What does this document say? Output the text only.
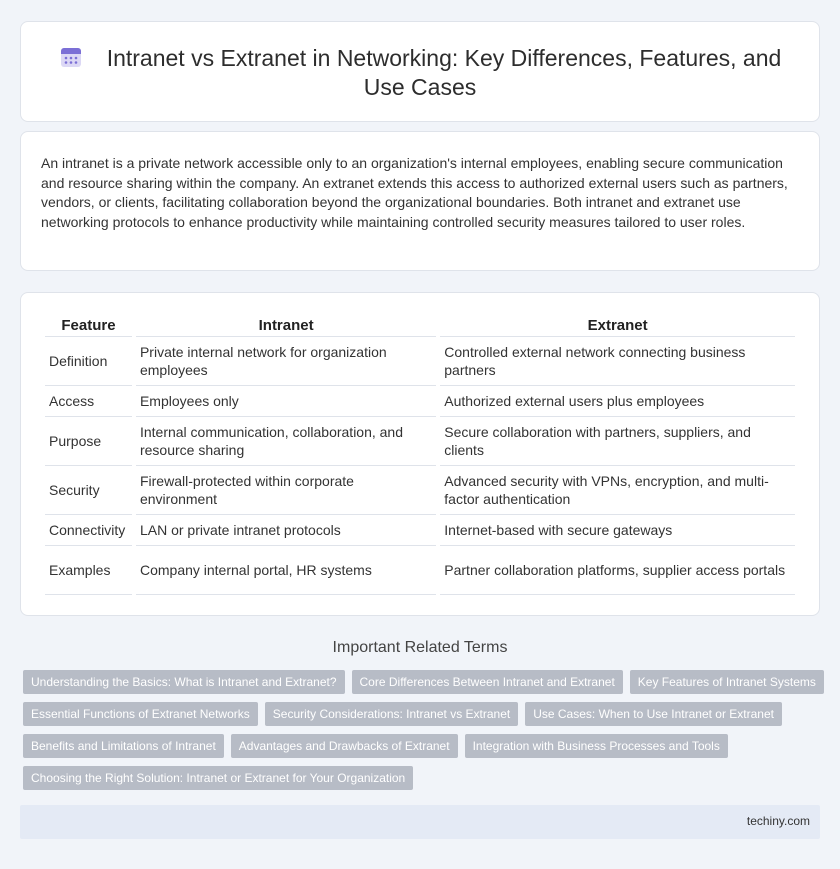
Intranet vs Extranet in Networking: Key Differences, Features, and Use Cases

An intranet is a private network accessible only to an organization's internal employees, enabling secure communication and resource sharing within the company. An extranet extends this access to authorized external users such as partners, vendors, or clients, facilitating collaboration beyond the organizational boundaries. Both intranet and extranet use networking protocols to enhance productivity while maintaining controlled security measures tailored to user roles.

Feature	Intranet	Extranet
Definition	Private internal network for organization employees	Controlled external network connecting business partners
Access	Employees only	Authorized external users plus employees
Purpose	Internal communication, collaboration, and resource sharing	Secure collaboration with partners, suppliers, and clients
Security	Firewall-protected within corporate environment	Advanced security with VPNs, encryption, and multi-factor authentication
Connectivity	LAN or private intranet protocols	Internet-based with secure gateways
Examples	Company internal portal, HR systems	Partner collaboration platforms, supplier access portals
Important Related Terms
Understanding the Basics: What is Intranet and Extranet?	Core Differences Between Intranet and Extranet	Key Features of Intranet Systems
Essential Functions of Extranet Networks	Security Considerations: Intranet vs Extranet	Use Cases: When to Use Intranet or Extranet
Benefits and Limitations of Intranet	Advantages and Drawbacks of Extranet	Integration with Business Processes and Tools
Choosing the Right Solution: Intranet or Extranet for Your Organization
techiny.com
